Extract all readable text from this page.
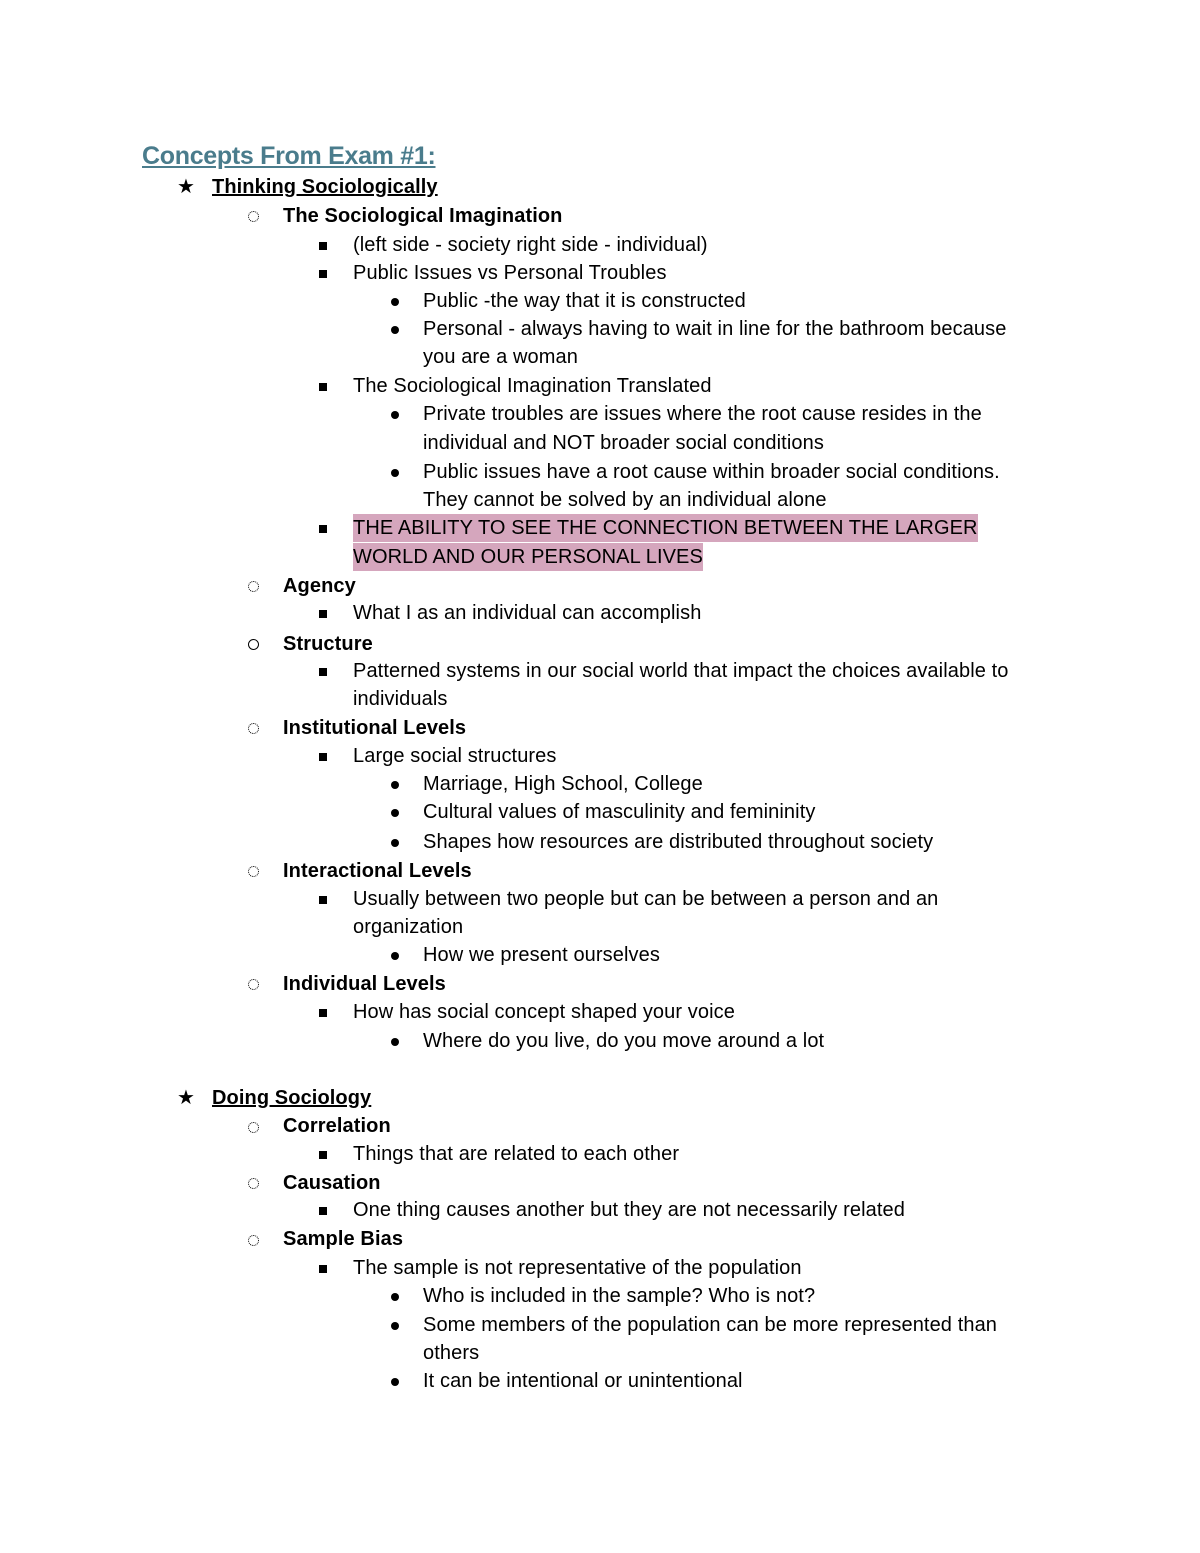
Concepts From Exam #1:
★ Thinking Sociologically
The Sociological Imagination
(left side - society right side - individual)
Public Issues vs Personal Troubles
Public -the way that it is constructed
Personal - always having to wait in line for the bathroom because
you are a woman
The Sociological Imagination Translated
Private troubles are issues where the root cause resides in the
individual and NOT broader social conditions
Public issues have a root cause within broader social conditions.
They cannot be solved by an individual alone
THE ABILITY TO SEE THE CONNECTION BETWEEN THE LARGER
WORLD AND OUR PERSONAL LIVES
Agency
What I as an individual can accomplish
Structure
Patterned systems in our social world that impact the choices available to
individuals
Institutional Levels
Large social structures
Marriage, High School, College
Cultural values of masculinity and femininity
Shapes how resources are distributed throughout society
Interactional Levels
Usually between two people but can be between a person and an
organization
How we present ourselves
Individual Levels
How has social concept shaped your voice
Where do you live, do you move around a lot
★ Doing Sociology
Correlation
Things that are related to each other
Causation
One thing causes another but they are not necessarily related
Sample Bias
The sample is not representative of the population
Who is included in the sample? Who is not?
Some members of the population can be more represented than
others
It can be intentional or unintentional
